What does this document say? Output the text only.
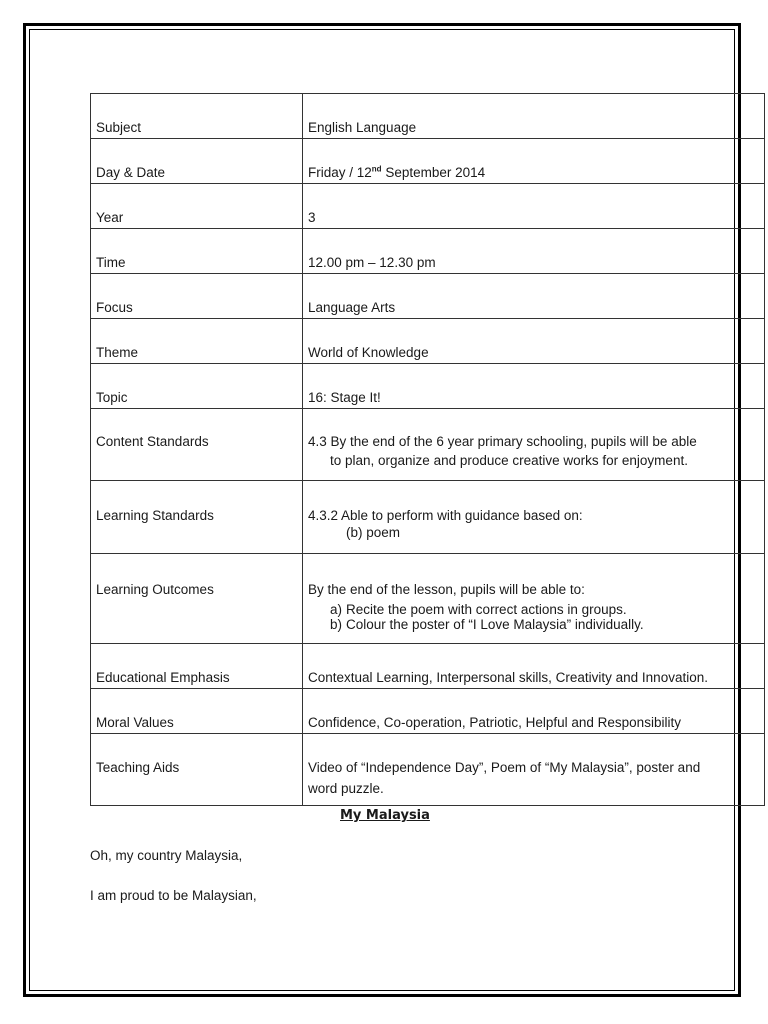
Subject	English Language

Day & Date	Friday / 12nd September 2014

Year	3

Time	12.00 pm – 12.30 pm

Focus	Language Arts

Theme	World of Knowledge

Topic	16: Stage It!

Content Standards	4.3 By the end of the 6 year primary schooling, pupils will be able
to plan, organize and produce creative works for enjoyment.

Learning Standards	4.3.2 Able to perform with guidance based on:
(b) poem

Learning Outcomes	By the end of the lesson, pupils will be able to:
a) Recite the poem with correct actions in groups.
b) Colour the poster of “I Love Malaysia” individually.

Educational Emphasis	Contextual Learning, Interpersonal skills, Creativity and Innovation.

Moral Values	Confidence, Co-operation, Patriotic, Helpful and Responsibility

Teaching Aids	Video of “Independence Day”, Poem of “My Malaysia”, poster and
word puzzle.
My Malaysia
Oh, my country Malaysia,
I am proud to be Malaysian,
